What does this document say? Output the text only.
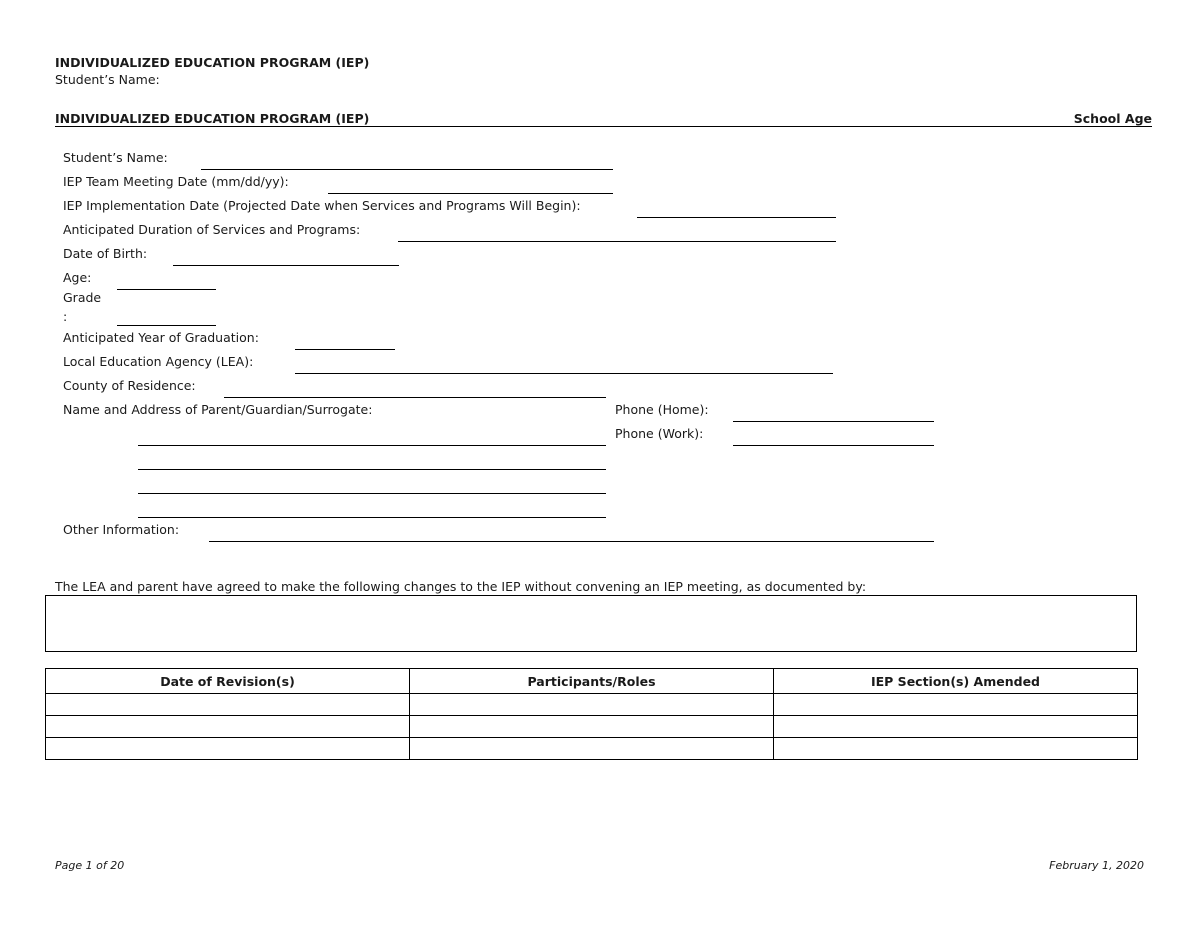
INDIVIDUALIZED EDUCATION PROGRAM (IEP)
Student’s Name:
INDIVIDUALIZED EDUCATION PROGRAM (IEP)	School Age
Student’s Name:
IEP Team Meeting Date (mm/dd/yy):
IEP Implementation Date (Projected Date when Services and Programs Will Begin):
Anticipated Duration of Services and Programs:
Date of Birth:
Age:
Grade
:
Anticipated Year of Graduation:
Local Education Agency (LEA):
County of Residence:
Name and Address of Parent/Guardian/Surrogate:	Phone (Home):
Phone (Work):
Other Information:
The LEA and parent have agreed to make the following changes to the IEP without convening an IEP meeting, as documented by:
Date of Revision(s)	Participants/Roles	IEP Section(s) Amended

Page 1 of 20	February 1, 2020
